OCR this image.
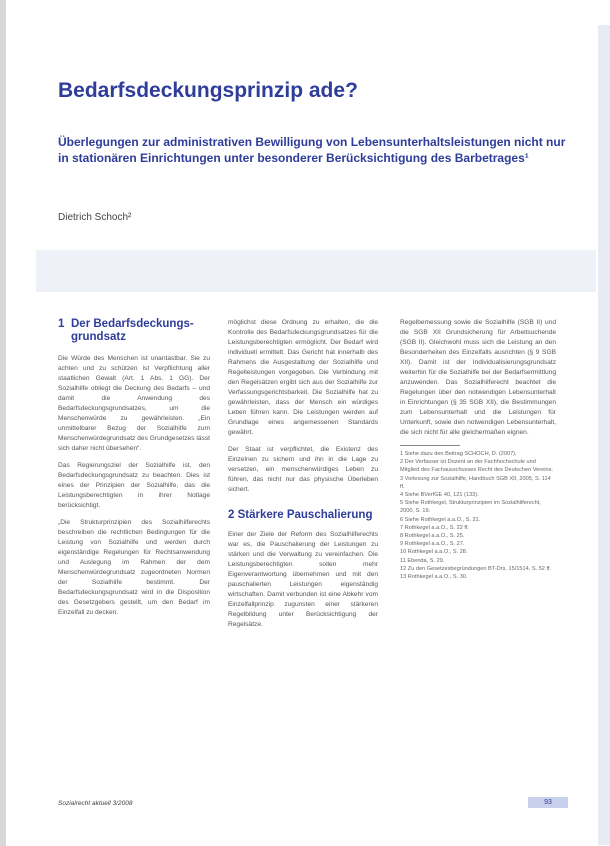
Bedarfsdeckungsprinzip ade?

Überlegungen zur administrativen Bewilligung von Lebensunterhaltsleistungen nicht nur in stationären Einrichtungen unter besonderer Berücksichtigung des Barbetrages¹

Dietrich Schoch²

1 Der Bedarfsdeckungs-
grundsatz

Die Würde des Menschen ist unantastbar. Sie zu achten und zu schützen ist Verpflichtung aller staatlichen Gewalt (Art. 1 Abs. 1 GG). Der Sozialhilfe obliegt die Deckung des Bedarfs – und damit die Anwendung des Bedarfsdeckungsgrundsatzes, um die Menschenwürde zu gewährleisten. „Ein unmittelbarer Bezug der Sozialhilfe zum Menschenwürdegrundsatz des Grundgesetzes lässt sich daher nicht übersehen“.

Das Regierungsziel der Sozialhilfe ist, den Bedarfsdeckungsgrundsatz zu beachten. Dies ist eines der Prinzipien der Sozialhilfe, das die Leistungsberechtigten in ihrer Notlage berücksichtigt.

„Die Strukturprinzipien des Sozialhilferechts beschreiben die rechtlichen Bedingungen für die Leistung von Sozialhilfe und werden durch eigenständige Regelungen für Rechtsanwendung und Auslegung im Rahmen der dem Menschenwürdegrundsatz zugeordneten Normen der Sozialhilfe bestimmt. Der Bedarfsdeckungsgrundsatz wird in die Disposition des Gesetzgebers gestellt, um den Bedarf im Einzelfall zu decken.

möglichst diese Ordnung zu erhalten, die die Kontrolle des Bedarfsdeckungsgrundsatzes für die Leistungsberechtigten ermöglicht. Der Bedarf wird individuell ermittelt. Das Gericht hat innerhalb des Rahmens die Ausgestaltung der Sozialhilfe und Regelleistungen vorgegeben. Die Verbindung mit den Regelsätzen ergibt sich aus der Sozialhilfe zur Verfassungsgerichtsbarkeit. Die Sozialhilfe hat zu gewährleisten, dass der Mensch ein würdiges Leben führen kann. Die Leistungen werden auf Grundlage eines angemessenen Standards gewährt.

Der Staat ist verpflichtet, die Existenz des Einzelnen zu sichern und ihn in die Lage zu versetzen, ein menschenwürdiges Leben zu führen, das nicht nur das physische Überleben sichert.

2 Stärkere Pauschalierung

Einer der Ziele der Reform des Sozialhilferechts war es, die Pauschalierung der Leistungen zu stärken und die Verwaltung zu vereinfachen. Die Leistungsberechtigten sollen mehr Eigenverantwortung übernehmen und mit den pauschalierten Leistungen eigenständig wirtschaften. Damit verbunden ist eine Abkehr vom Einzelfallprinzip zugunsten einer stärkeren Regelbildung unter Berücksichtigung der Regelsätze.

Regelbemessung sowie die Sozialhilfe (SGB II) und die SGB XII Grundsicherung für Arbeitsuchende (SGB II). Gleichwohl muss sich die Leistung an den Besonderheiten des Einzelfalls ausrichten (§ 9 SGB XII). Damit ist der Individualisierungsgrundsatz weiterhin für die Sozialhilfe bei der Bedarfsermittlung anzuwenden. Das Sozialhilferecht beachtet die Regelungen über den notwendigen Lebensunterhalt in Einrichtungen (§ 35 SGB XII), die Bestimmungen zum Lebensunterhalt und die Leistungen für Unterkunft, sowie den notwendigen Lebensunterhalt, die sich nicht für alle gleichermaßen eignen.

1 Siehe dazu den Beitrag SCHOCH, D. (2007).

2 Der Verfasser ist Dozent an der Fachhochschule und Mitglied des Fachausschusses Recht des Deutschen Vereins.

3 Vorlesung zur Sozialhilfe, Handbuch SGB XII, 2005, S. 114 ff.

4 Siehe BVerfGE 40, 121 (133).

5 Siehe Rothkegel, Strukturprinzipien im Sozialhilferecht, 2000, S. 19.

6 Siehe Rothkegel a.a.O., S. 21.

7 Rothkegel a.a.O., S. 22 ff.

8 Rothkegel a.a.O., S. 25.

9 Rothkegel a.a.O., S. 27.

10 Rothkegel a.a.O., S. 28.

11 Ebenda, S. 29.

12 Zu den Gesetzesbegründungen BT-Drs. 15/1514, S. 52 ff.

13 Rothkegel a.a.O., S. 30.

Sozialrecht aktuell 3/2008	93
